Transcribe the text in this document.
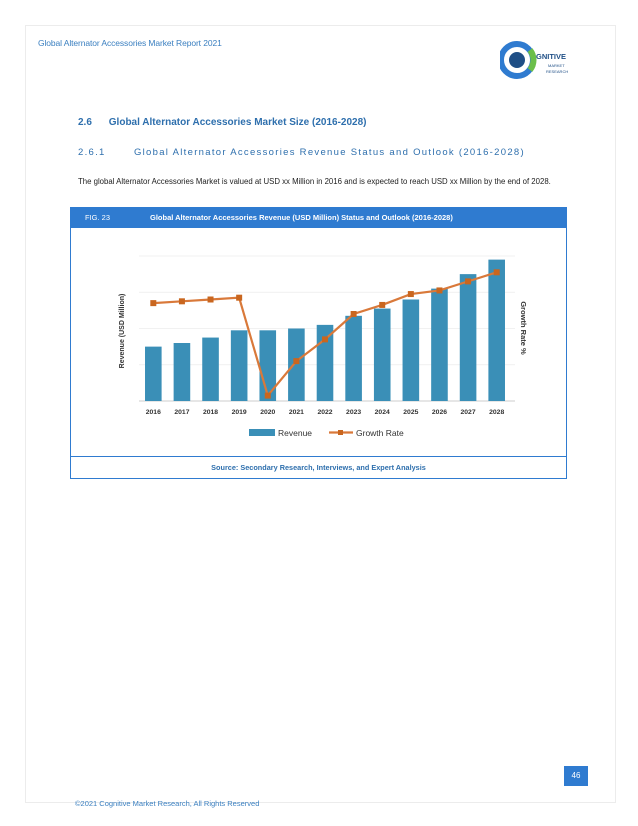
Global Alternator Accessories Market Report 2021
GNITIVE
MARKET
RESEARCH
2.6 Global Alternator Accessories Market Size (2016-2028)
2.6.1	Global Alternator Accessories Revenue Status and Outlook (2016-2028)
The global Alternator Accessories Market is valued at USD xx Million in 2016 and is expected to reach USD xx Million by the end of 2028.
FIG. 23	Global Alternator Accessories Revenue (USD Million) Status and Outlook (2016-2028)
2016 2017 2018 2019 2020 2021 2022 2023 2024 2025 2026 2027 2028
Revenue (USD Million)	Growth Rate %
Revenue	Growth Rate
Source: Secondary Research, Interviews, and Expert Analysis
46
©2021 Cognitive Market Research, All Rights Reserved
